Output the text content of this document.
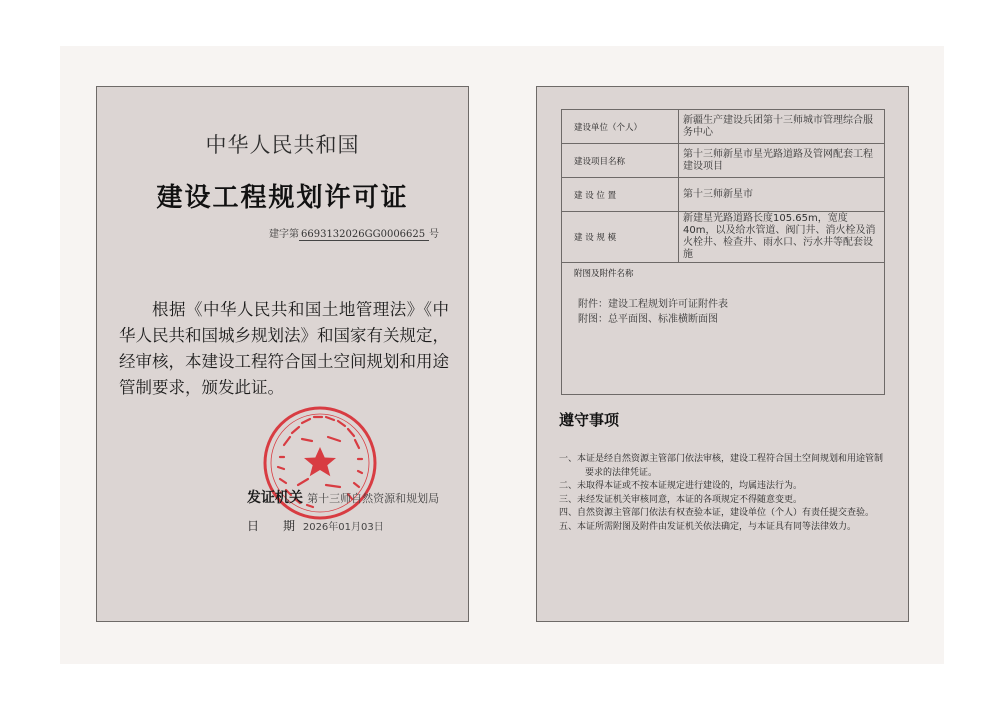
中华人民共和国
建设工程规划许可证
建字第 6693132026GG0006625 号
根据《中华人民共和国土地管理法》《中华人民共和国城乡规划法》和国家有关规定，经审核，本建设工程符合国土空间规划和用途管制要求，颁发此证。
发证机关 第十三师自然资源和规划局
日　　期 2026年01月03日
建设单位（个人）	新疆生产建设兵团第十三师城市管理综合服务中心
建设项目名称	第十三师新星市星光路道路及管网配套工程建设项目
建 设 位 置	第十三师新星市
建 设 规 模	新建星光路道路长度105.65m，宽度40m，以及给水管道、阀门井、消火栓及消火栓井、检查井、雨水口、污水井等配套设施

附图及附件名称
附件：建设工程规划许可证附件表
附图：总平面图、标准横断面图	
遵守事项
一、本证是经自然资源主管部门依法审核，建设工程符合国土空间规划和用途管制要求的法律凭证。
二、未取得本证或不按本证规定进行建设的，均属违法行为。
三、未经发证机关审核同意，本证的各项规定不得随意变更。
四、自然资源主管部门依法有权查验本证，建设单位（个人）有责任提交查验。
五、本证所需附图及附件由发证机关依法确定，与本证具有同等法律效力。
